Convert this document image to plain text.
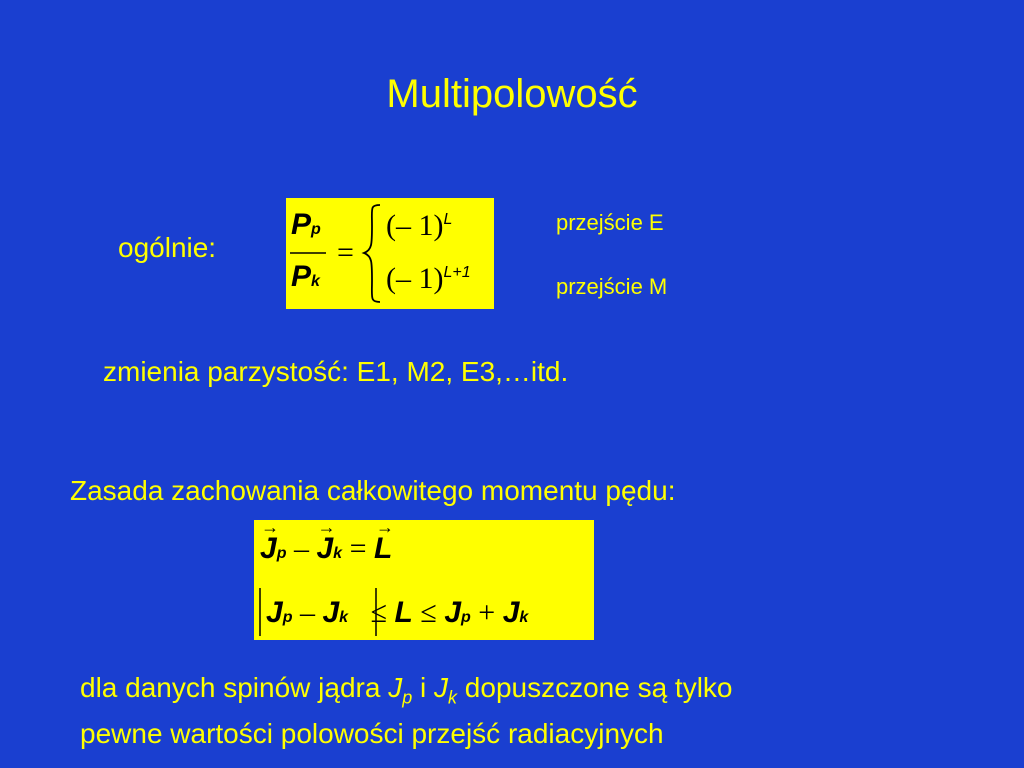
Multipolowość
ogólnie:
Pp
Pk
=
(– 1)$^L$
(– 1)$^{L+1}$
przejście E
przejście M
zmienia parzystość: E1, M2, E3,…itd.
Zasada zachowania całkowitego momentu pędu:
→ Jp – → Jk = → L
Jp – Jk ≤ L ≤ Jp + Jk
dla danych spinów jądra $J_p$ i $J_k$ dopuszczone są tylko
pewne wartości polowości przejść radiacyjnych
